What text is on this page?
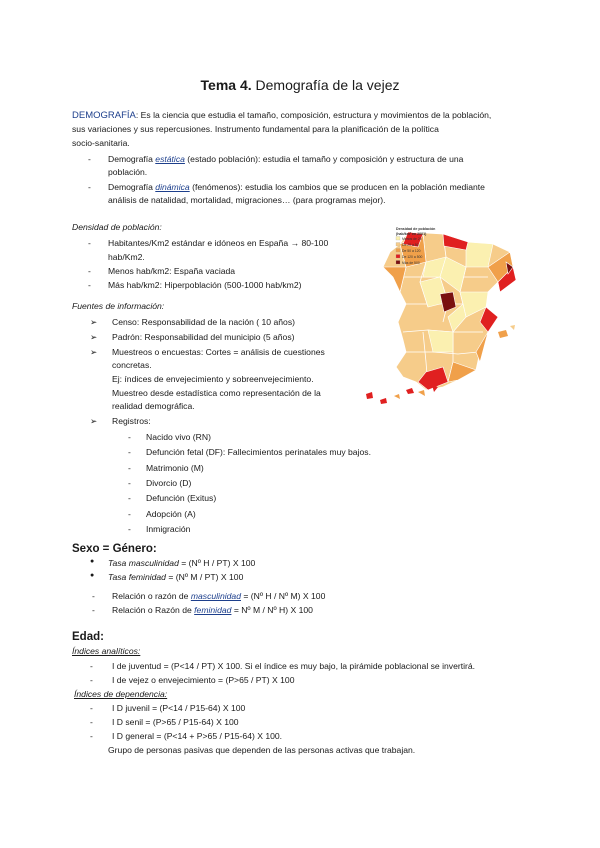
Tema 4. Demografía de la vejez
DEMOGRAFÍA: Es la ciencia que estudia el tamaño, composición, estructura y movimientos de la población,
sus variaciones y sus repercusiones. Instrumento fundamental para la planificación de la política
socio-sanitaria.
- Demografía estática (estado población): estudia el tamaño y composición y estructura de una
población.
- Demografía dinámica (fenómenos): estudia los cambios que se producen en la población mediante
análisis de natalidad, mortalidad, migraciones… (para programas mejor).
Densidad de población:
- Habitantes/Km2 estándar e idóneos en España → 80-100
hab/Km2.
- Menos hab/km2: España vaciada
- Más hab/km2: Hiperpoblación (500-1000 hab/km2)
Densidad de población
(hab/km² en 2001)
Menos de 20
De 20 a 50
De 50 a 120
De 120 a 500
Más de 500
Fuentes de información:
➢ Censo: Responsabilidad de la nación ( 10 años)
➢ Padrón: Responsabilidad del municipio (5 años)
➢ Muestreos o encuestas: Cortes = análisis de cuestiones
concretas.
Ej: índices de envejecimiento y sobreenvejecimiento.
Muestreo desde estadística como representación de la
realidad demográfica.
➢ Registros:
- Nacido vivo (RN)
- Defunción fetal (DF): Fallecimientos perinatales muy bajos.
- Matrimonio (M)
- Divorcio (D)
- Defunción (Exitus)
- Adopción (A)
- Inmigración
Sexo = Género:
● Tasa masculinidad = (Nº H / PT) X 100
● Tasa feminidad = (Nº M / PT) X 100
- Relación o razón de masculinidad = (Nº H / Nº M) X 100
- Relación o Razón de feminidad = Nº M / Nº H) X 100
Edad:
Índices analíticos:
- I de juventud = (P<14 / PT) X 100. Si el índice es muy bajo, la pirámide poblacional se invertirá.
- I de vejez o envejecimiento = (P>65 / PT) X 100
Índices de dependencia:
- I D juvenil = (P<14 / P15-64) X 100
- I D senil = (P>65 / P15-64) X 100
- I D general = (P<14 + P>65 / P15-64) X 100.
Grupo de personas pasivas que dependen de las personas activas que trabajan.
